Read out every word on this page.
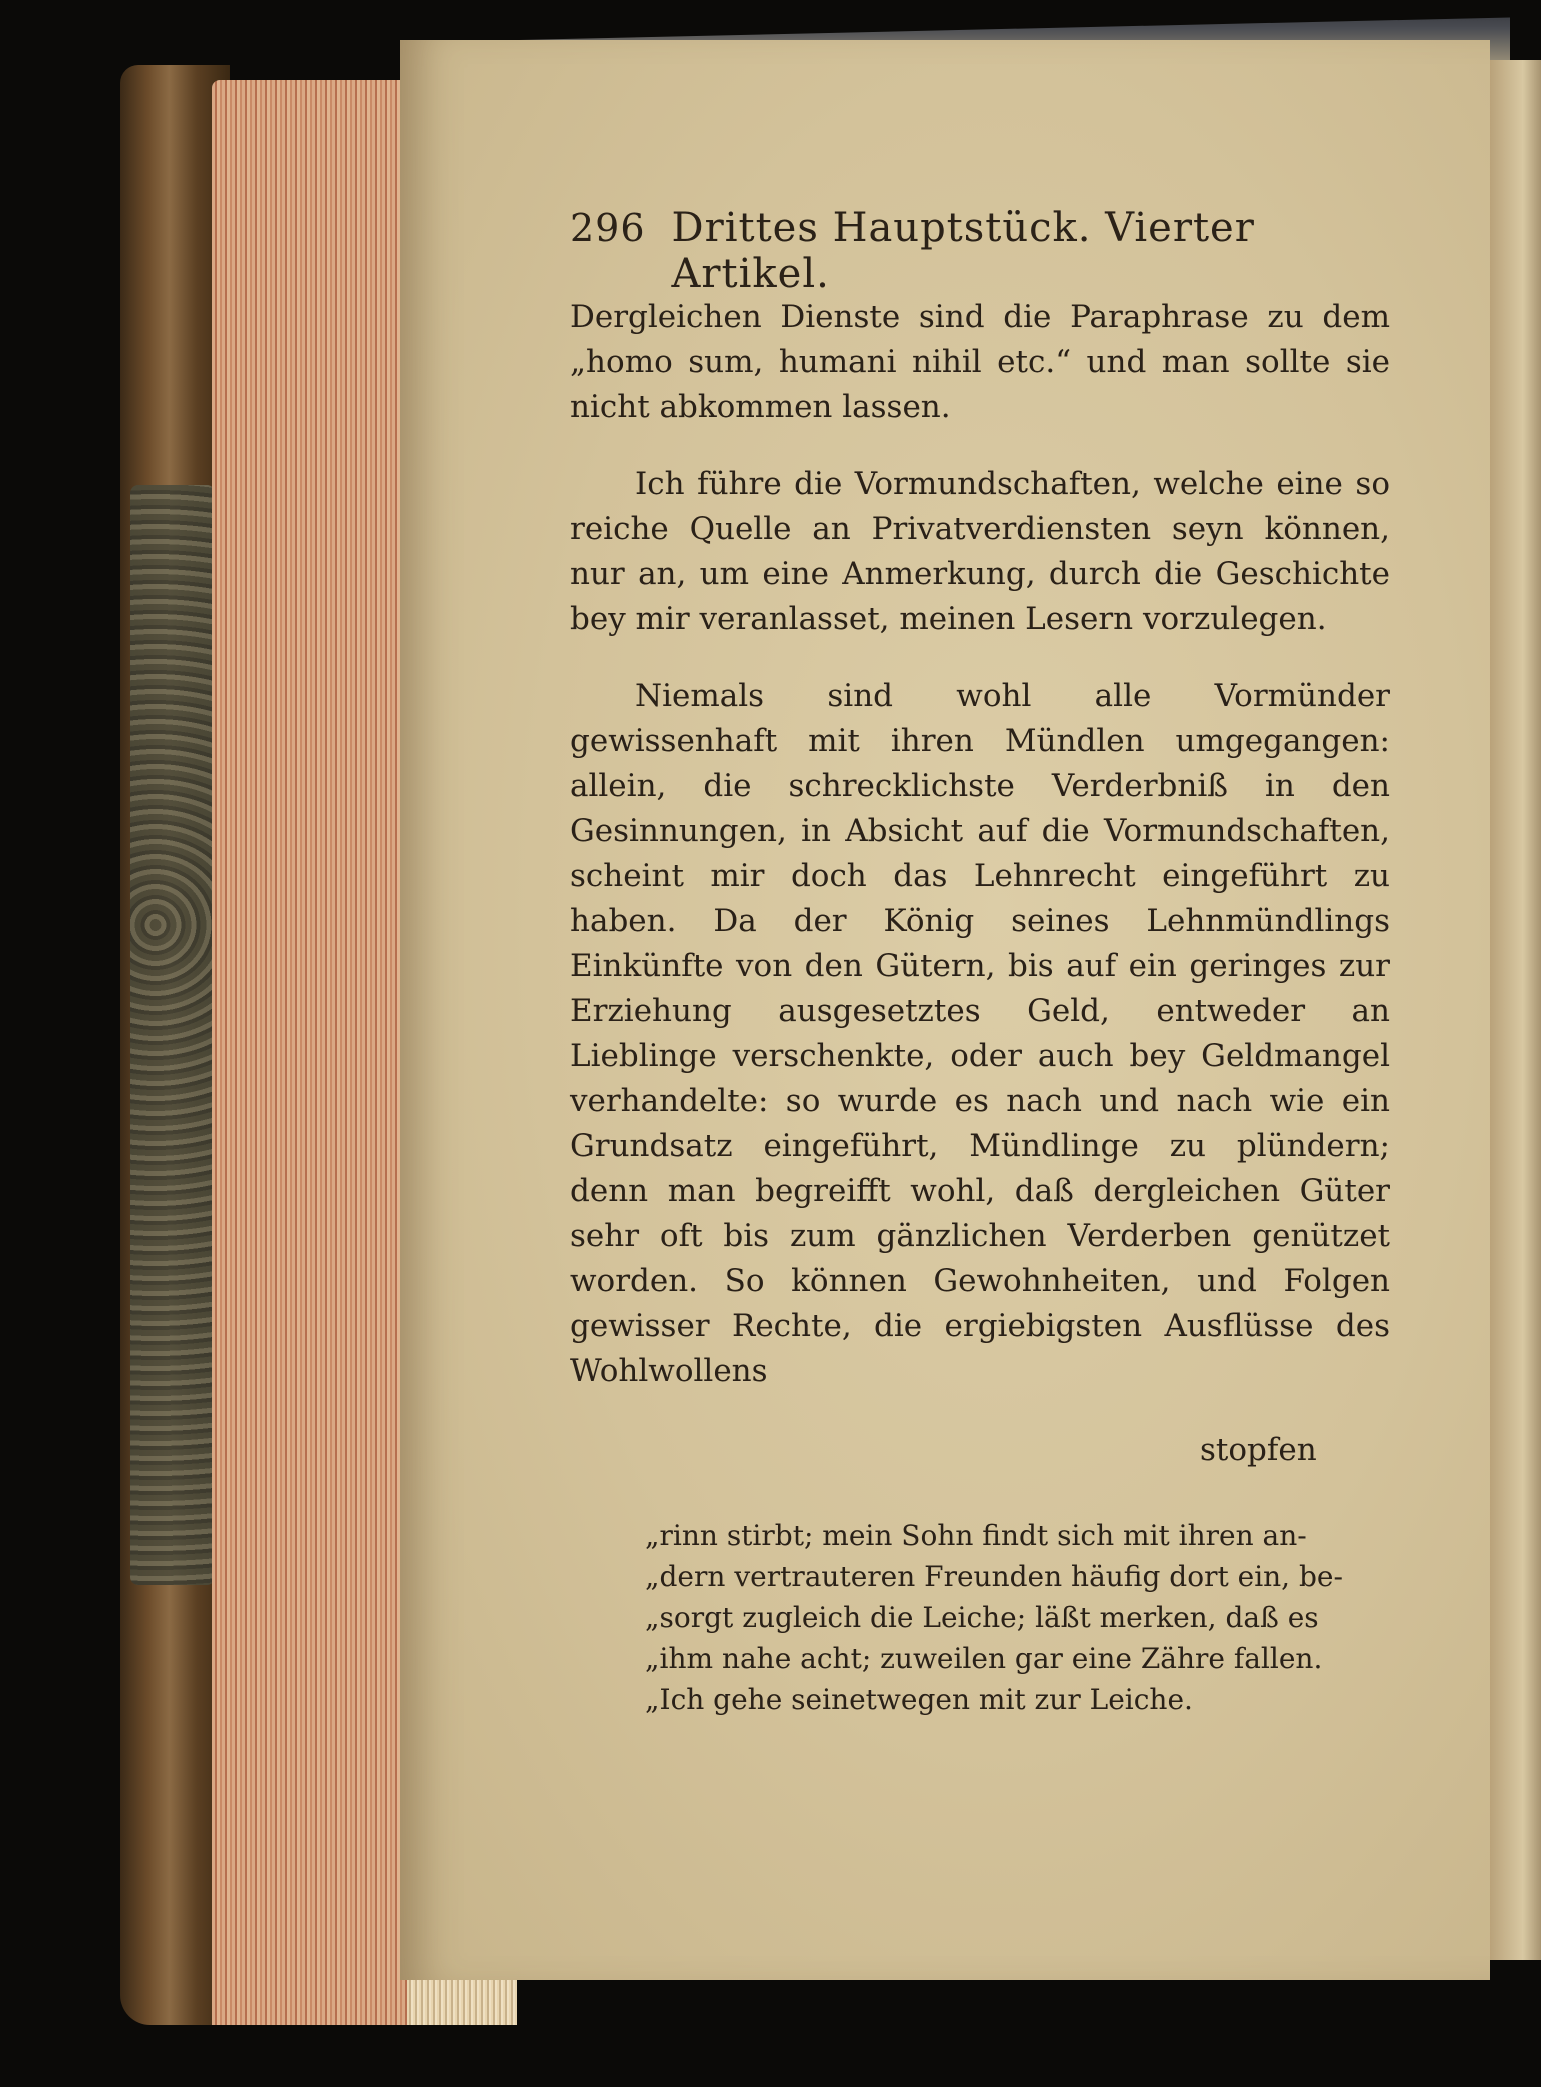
296 Drittes Hauptstück. Vierter Artikel.

Dergleichen Dienste sind die Paraphrase zu dem „homo sum, humani nihil etc.“ und man sollte sie nicht abkommen lassen.

Ich führe die Vormundschaften, welche eine so reiche Quelle an Privatverdiensten seyn können, nur an, um eine Anmerkung, durch die Geschichte bey mir veranlasset, meinen Lesern vorzulegen.

Niemals sind wohl alle Vormünder gewissenhaft mit ihren Mündlen umgegangen: allein, die schrecklichste Verderbniß in den Gesinnungen, in Absicht auf die Vormundschaften, scheint mir doch das Lehnrecht eingeführt zu haben. Da der König seines Lehnmündlings Einkünfte von den Gütern, bis auf ein geringes zur Erziehung ausgesetztes Geld, entweder an Lieblinge verschenkte, oder auch bey Geldmangel verhandelte: so wurde es nach und nach wie ein Grundsatz eingeführt, Mündlinge zu plündern; denn man begreifft wohl, daß dergleichen Güter sehr oft bis zum gänzlichen Verderben genützet worden. So können Gewohnheiten, und Folgen gewisser Rechte, die ergiebigsten Ausflüsse des Wohlwollens

stopfen
„rinn stirbt; mein Sohn findt sich mit ihren an-
„dern vertrauteren Freunden häufig dort ein, be-
„sorgt zugleich die Leiche; läßt merken, daß es
„ihm nahe acht; zuweilen gar eine Zähre fallen.
„Ich gehe seinetwegen mit zur Leiche.
